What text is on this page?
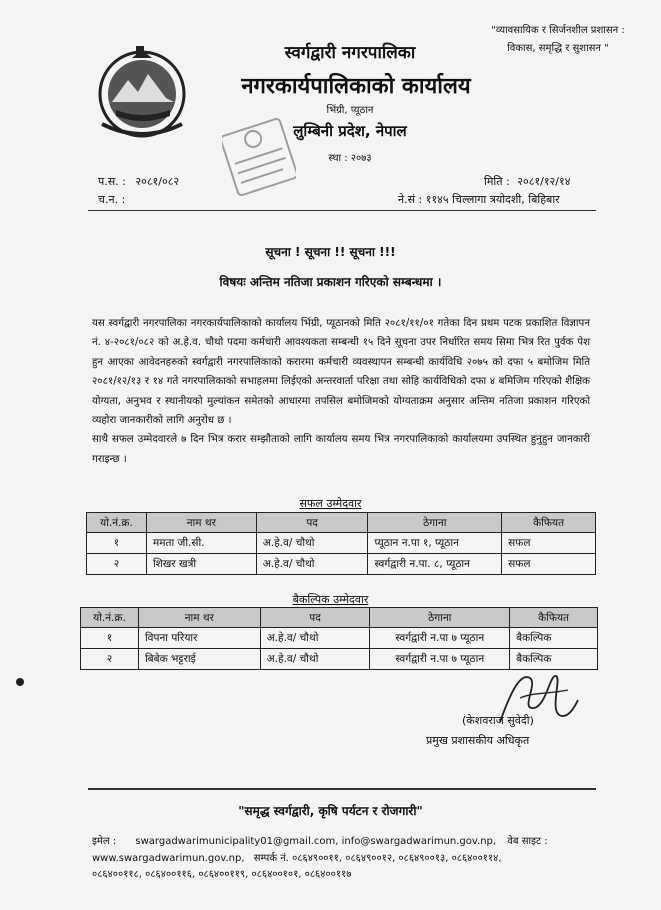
"व्यावसायिक र सिर्जनशील प्रशासन :
विकास, समृद्धि र सुशासन "
स्वर्गद्वारी नगरपालिका
नगरकार्यपालिकाको कार्यालय
भिंग्री, प्यूठान
लुम्बिनी प्रदेश, नेपाल
स्था : २०७३
प.स. : २०८१/०८२
च.न. :
मिति : २०८१/१२/१४
ने.सं : ११४५ चिल्लागा त्रयोदशी, बिहिबार
सूचना ! सूचना !! सूचना !!!
विषयः अन्तिम नतिजा प्रकाशन गरिएको सम्बन्धमा ।

यस स्वर्गद्वारी नगरपालिका नगरकार्यपालिकाको कार्यालय भिंग्री, प्यूठानको मिति २०८१/११/०१ गतेका दिन प्रथम पटक प्रकाशित विज्ञापन नं. ४-२०८१/०८२ को अ.हे.व. चौथो पदमा कर्मचारी आवश्यकता सम्बन्धी १५ दिने सूचना उपर निर्धारित समय सिमा भित्र रित पुर्वक पेश हुन आएका आवेदनहरुको स्वर्गद्वारी नगरपालिकाको करारमा कर्मचारी व्यवस्थापन सम्बन्धी कार्यविधि २०७५ को दफा ५ बमोजिम मिति २०८१/१२/१३ र १४ गते नगरपालिकाको सभाहलमा लिईएको अन्तरवार्ता परिक्षा तथा सोहि कार्यविधिको दफा ४ बमिजिम गरिएको शैक्षिक योग्यता, अनुभव र स्थानीयको मुल्यांकन समेतको आधारमा तपसिल बमोजिमको योग्यताक्रम अनुसार अन्तिम नतिजा प्रकाशन गरिएको व्यहोरा जानकारीको लागि अनुरोध छ ।

साथै सफल उम्मेदवारले ७ दिन भित्र करार सम्झौताको लागि कार्यालय समय भित्र नगरपालिकाको कार्यालयमा उपस्थित हुनुहुन जानकारी गराइन्छ ।

सफल उम्मेदवार
यो.नं.क्र.	नाम थर	पद	ठेगाना	कैफियत
१	ममता जी.सी.	अ.हे.व/ चौथो	प्यूठान न.पा १, प्यूठान	सफल
२	शिखर खत्री	अ.हे.व/ चौथो	स्वर्गद्वारी न.पा. ८, प्यूठान	सफल
बैकल्पिक उम्मेदवार
यो.नं.क्र.	नाम थर	पद	ठेगाना	कैफियत
१	विपना परियार	अ.हे.व/ चौथो	स्वर्गद्वारी न.पा ७ प्यूठान	बैकल्पिक
२	बिबेक भट्टराई	अ.हे.व/ चौथो	स्वर्गद्वारी न.पा ७ प्यूठान	बैकल्पिक
(केशवराज सुवेदी)
प्रमुख प्रशासकीय अधिकृत
"समृद्ध स्वर्गद्वारी, कृषि पर्यटन र रोजगारी"

इमेल : swargadwarimunicipality01@gmail.com, info@swargadwarimun.gov.np, वेब साइट :

www.swargadwarimun.gov.np, सम्पर्क नं. ०८६४९००११, ०८६४९००१२, ०८६४९००१३, ०८६४००११४,

०८६४००११८, ०८६४००११६, ०८६४००११९, ०८६४००१०१, ०८६४००११७
